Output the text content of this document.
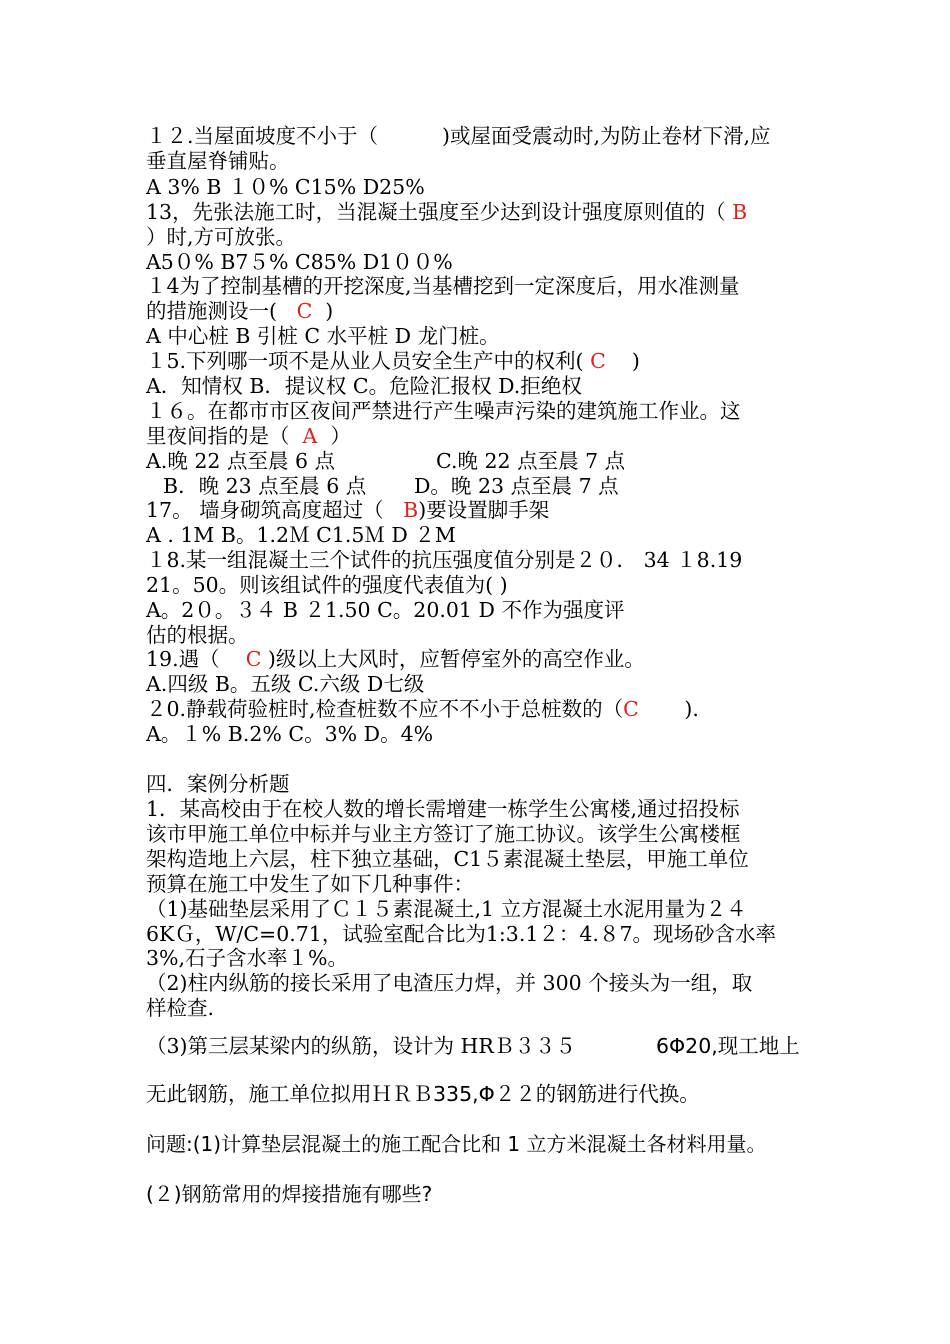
１２.当屋面坡度不小于（	)或屋面受震动时,为防止卷材下滑,应
垂直屋脊铺贴。
A 3% B １０% C15% D25%
13，先张法施工时，当混凝土强度至少达到设计强度原则值的（ B
）时,方可放张。
A5０% B7５% C85% D1００%
１4为了控制基槽的开挖深度,当基槽挖到一定深度后，用水准测量
的措施测设一( C )
A 中心桩 B 引桩 C 水平桩 D 龙门桩。
１5.下列哪一项不是从业人员安全生产中的权利( C )
A．知情权 B．提议权 C。危险汇报权 D.拒绝权
１６。在都市市区夜间严禁进行产生噪声污染的建筑施工作业。这
里夜间指的是（ A ）
A.晚 22 点至晨 6 点	C.晚 22 点至晨 7 点
B．晚 23 点至晨 6 点 D。晚 23 点至晨 7 点
17。 墙身砌筑高度超过（ B)要设置脚手架
A . 1M B。1.2Ｍ C1.5Ｍ D ２M
１8.某一组混凝土三个试件的抗压强度值分别是２０． 34 １8.19
21。50。则该组试件的强度代表值为( )
A。2０。３４ B ２1.50 C。20.01 D 不作为强度评
估的根据。
19.遇（ C )级以上大风时，应暂停室外的高空作业。
A.四级 B。五级 C.六级 D七级
２0.静载荷验桩时,检查桩数不应不不小于总桩数的（C ).
A。１% B.2% C。3% D。4%
四．案例分析题
1．某高校由于在校人数的增长需增建一栋学生公寓楼,通过招投标
该市甲施工单位中标并与业主方签订了施工协议。该学生公寓楼框
架构造地上六层，柱下独立基础，C1５素混凝土垫层，甲施工单位
预算在施工中发生了如下几种事件：
（1)基础垫层采用了Ｃ１５素混凝土,1 立方混凝土水泥用量为２４
6KＧ，W/C=0.71，试验室配合比为1:3.1２：4.８7。现场砂含水率
3%,石子含水率１%。
（2)柱内纵筋的接长采用了电渣压力焊，并 300 个接头为一组，取
样检查.
（3)第三层某梁内的纵筋，设计为 HRＢ３３５	6Φ20,现工地上
无此钢筋，施工单位拟用ＨＲＢ335,Φ２２的钢筋进行代换。
问题:(1)计算垫层混凝土的施工配合比和 1 立方米混凝土各材料用量。
(２)钢筋常用的焊接措施有哪些?
